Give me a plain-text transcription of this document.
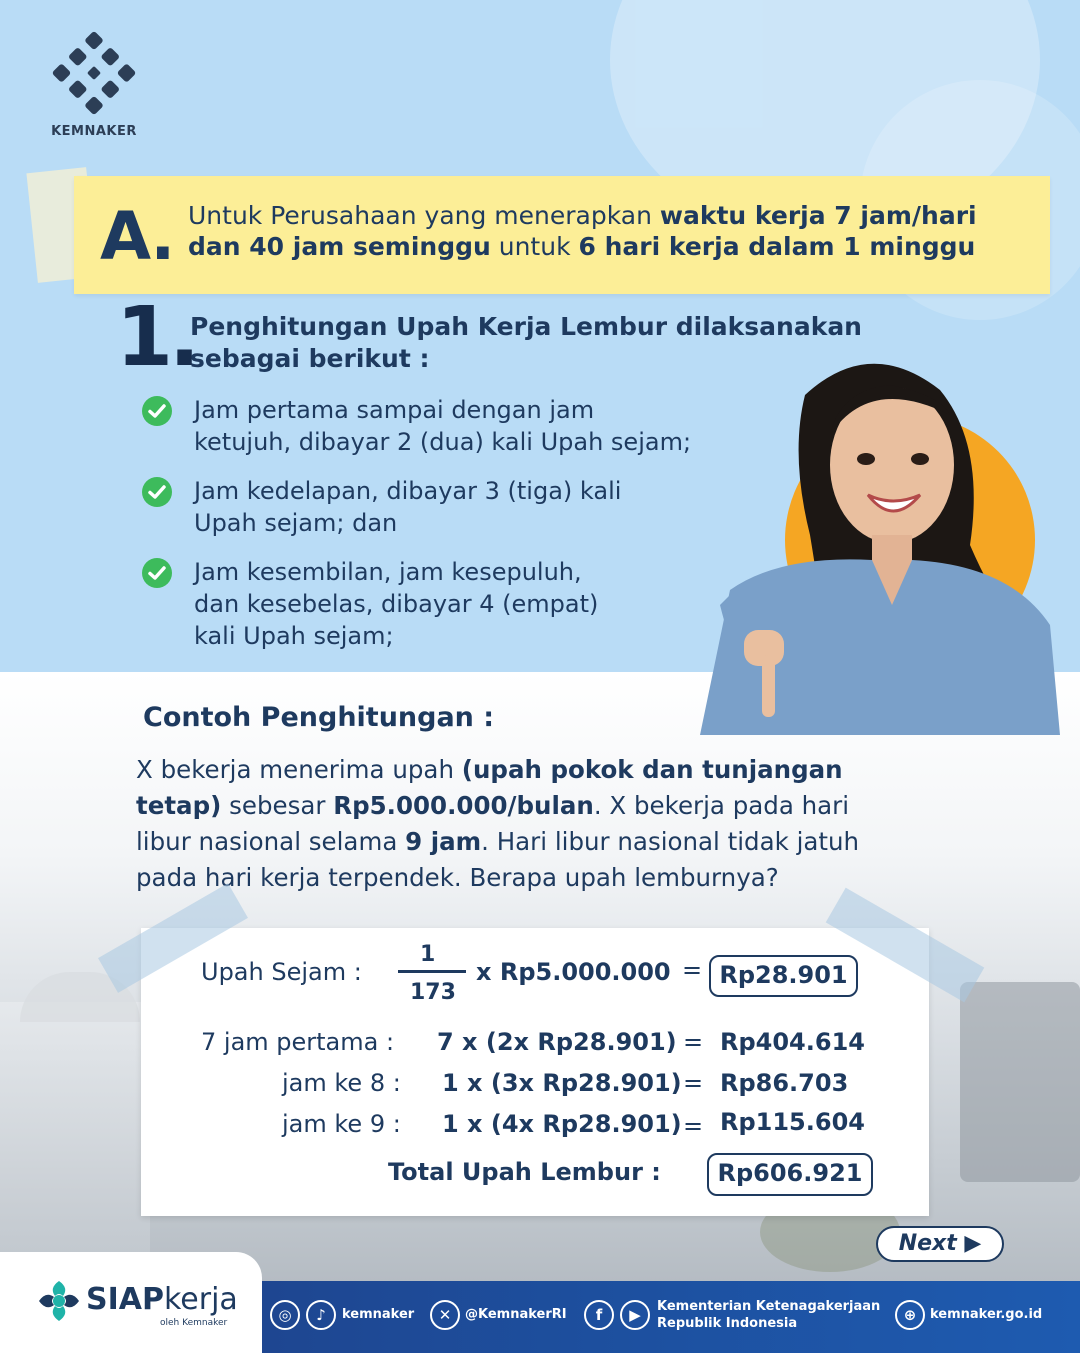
KEMNAKER
A. Untuk Perusahaan yang menerapkan waktu kerja 7 jam/hari
dan 40 jam seminggu untuk 6 hari kerja dalam 1 minggu
1.
Penghitungan Upah Kerja Lembur dilaksanakan
sebagai berikut :
Jam pertama sampai dengan jam
ketujuh, dibayar 2 (dua) kali Upah sejam;
Jam kedelapan, dibayar 3 (tiga) kali
Upah sejam; dan
Jam kesembilan, jam kesepuluh,
dan kesebelas, dibayar 4 (empat)
kali Upah sejam;
Contoh Penghitungan :
X bekerja menerima upah (upah pokok dan tunjangan
tetap) sebesar Rp5.000.000/bulan. X bekerja pada hari
libur nasional selama 9 jam. Hari libur nasional tidak jatuh
pada hari kerja terpendek. Berapa upah lemburnya?
Upah Sejam :
1
173
x Rp5.000.000 = Rp28.901
7 jam pertama : 7 x (2x Rp28.901) = Rp404.614
jam ke 8 : 1 x (3x Rp28.901) = Rp86.703
jam ke 9 : 1 x (4x Rp28.901) = Rp115.604
Total Upah Lembur :	Rp606.921
Next ▶
SIAPkerja
oleh Kemnaker	◎	♪	kemnaker	✕	@KemnakerRI	f	▶	Kementerian Ketenagakerjaan
Republik Indonesia	⊕	kemnaker.go.id
